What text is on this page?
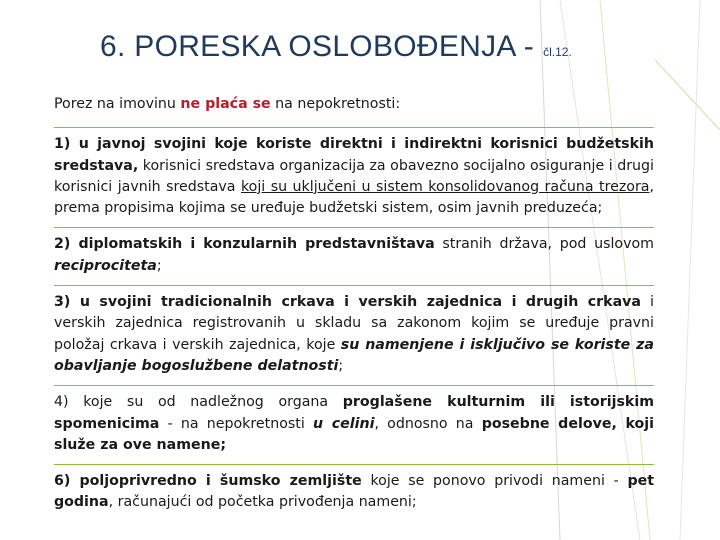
6. PORESKA OSLOBOĐENJA - čl.12.

Porez na imovinu ne plaća se na nepokretnosti:

1) u javnoj svojini koje koriste direktni i indirektni korisnici budžetskih sredstava, korisnici sredstava organizacija za obavezno socijalno osiguranje i drugi korisnici javnih sredstava koji su uključeni u sistem konsolidovanog računa trezora, prema propisima kojima se uređuje budžetski sistem, osim javnih preduzeća;

2) diplomatskih i konzularnih predstavništava stranih država, pod uslovom reciprociteta;

3) u svojini tradicionalnih crkava i verskih zajednica i drugih crkava i verskih zajednica registrovanih u skladu sa zakonom kojim se uređuje pravni položaj crkava i verskih zajednica, koje su namenjene i isključivo se koriste za obavljanje bogoslužbene delatnosti;

4) koje su od nadležnog organa proglašene kulturnim ili istorijskim spomenicima - na nepokretnosti u celini, odnosno na posebne delove, koji služe za ove namene;

6) poljoprivredno i šumsko zemljište koje se ponovo privodi nameni - pet godina, računajući od početka privođenja nameni;
